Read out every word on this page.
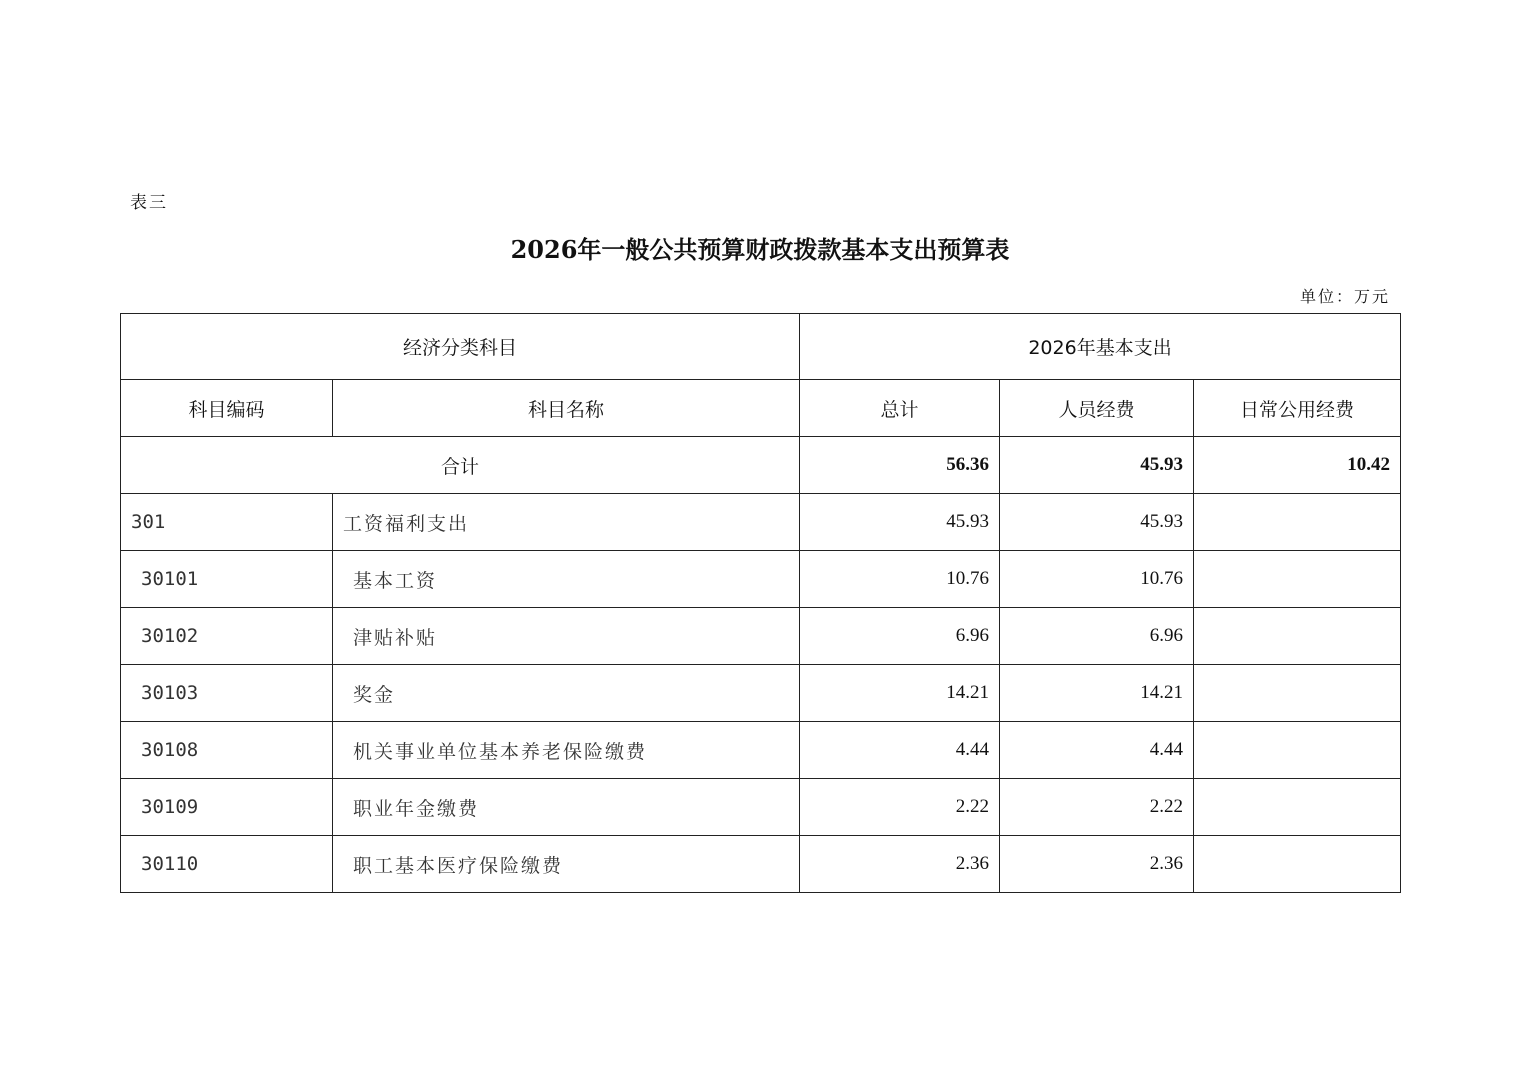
表三
2026年一般公共预算财政拨款基本支出预算表
单位：万元
经济分类科目		2026年基本支出		
科目编码	科目名称	总计	人员经费	日常公用经费
合计		56.36	45.93	10.42
301	工资福利支出	45.93	45.93	
30101	基本工资	10.76	10.76	
30102	津贴补贴	6.96	6.96	
30103	奖金	14.21	14.21	
30108	机关事业单位基本养老保险缴费	4.44	4.44	
30109	职业年金缴费	2.22	2.22	
30110	职工基本医疗保险缴费	2.36	2.36	
